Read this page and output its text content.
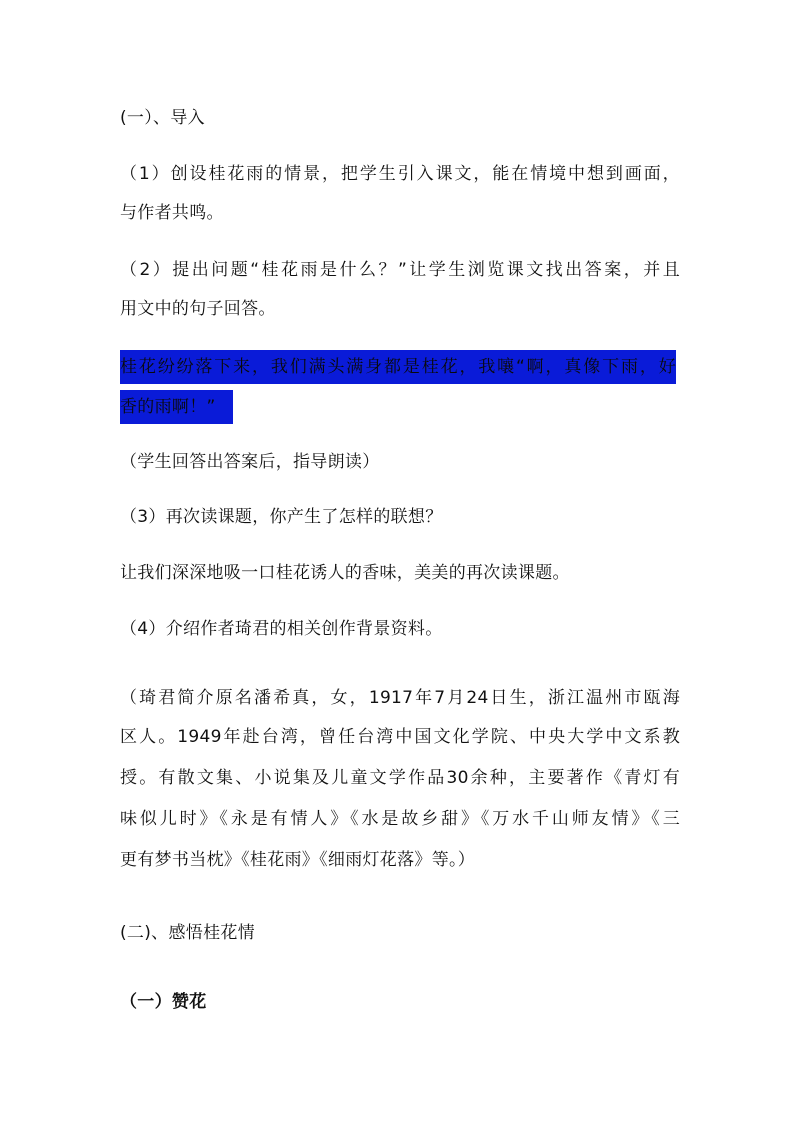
(一）、导入
（1）创设桂花雨的情景，把学生引入课文，能在情境中想到画面，
与作者共鸣。
（2）提出问题“桂花雨是什么？”让学生浏览课文找出答案，并且
用文中的句子回答。
桂花纷纷落下来，我们满头满身都是桂花，我嚷“啊，真像下雨，好
香的雨啊！”
（学生回答出答案后，指导朗读）
（3）再次读课题，你产生了怎样的联想？
让我们深深地吸一口桂花诱人的香味，美美的再次读课题。
（4）介绍作者琦君的相关创作背景资料。
（琦君简介原名潘希真，女，1917年7月24日生，浙江温州市瓯海
区人。1949年赴台湾，曾任台湾中国文化学院、中央大学中文系教
授。有散文集、小说集及儿童文学作品30余种，主要著作《青灯有
味似儿时》《永是有情人》《水是故乡甜》《万水千山师友情》《三
更有梦书当枕》《桂花雨》《细雨灯花落》等。）
(二)、感悟桂花情
（一）赞花
